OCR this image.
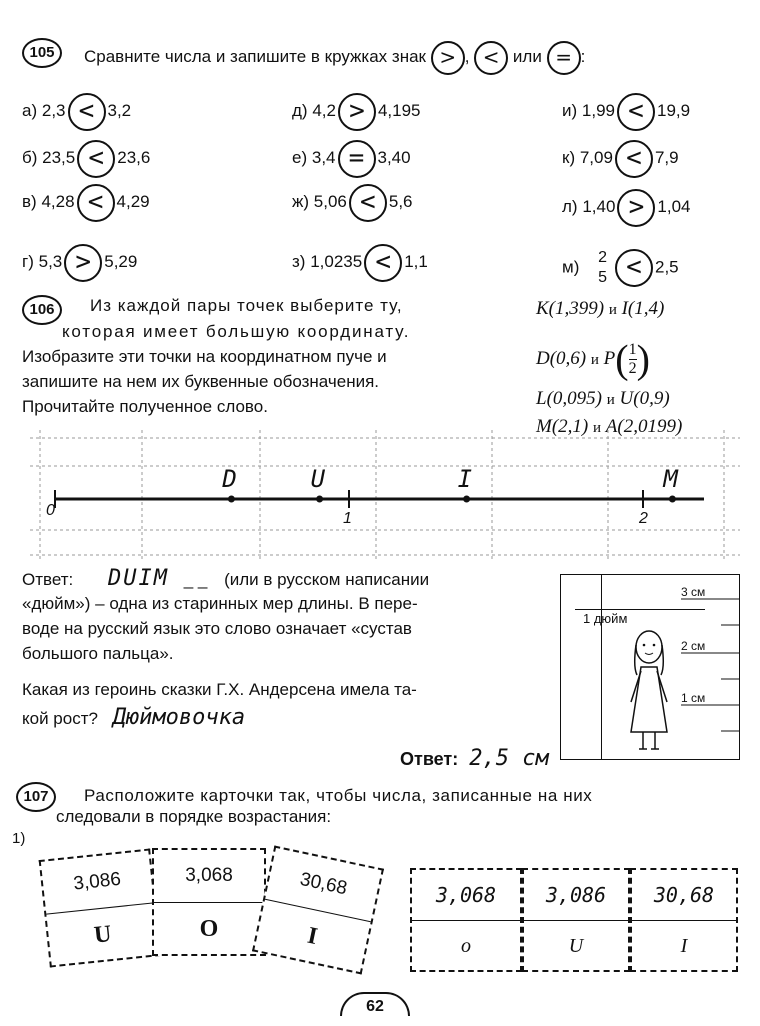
105	Сравните числа и запишите в кружках знак > , < или = :
а) 2,3 < 3,2
б) 23,5 < 23,6
в) 4,28 < 4,29
г) 5,3 > 5,29
д) 4,2 > 4,195
е) 3,4 = 3,40
ж) 5,06 < 5,6
з) 1,0235 < 1,1
и) 1,99 < 19,9
к) 7,09 < 7,9
л) 1,40 > 1,04
м) 2
5 < 2,5
106	Из каждой пары точек выберите ту,
которая имеет большую координату.
Изобразите эти точки на координатном пуче и
запишите на нем их буквенные обозначения.
Прочитайте полученное слово.
K(1,399) и I(1,4)
D(0,6) и $P( \frac{1}{2}$ )
L(0,095) и U(0,9)
M(2,1) и A(2,0199)
0	1	2
D	U	I	M
Ответ: DUIM _ _ (или в русском написании
«дюйм») – одна из старинных мер длины. В пере-
воде на русский язык это слово означает «сустав
большого пальца».
Какая из героинь сказки Г.Х. Андерсена имела та-
кой рост? Дюймовочка
1 дюйм
3 см
2 см
1 см
Ответ: 2,5 см
107	Расположите карточки так, чтобы числа, записанные на них
следовали в порядке возрастания:
1)
3,086
U
3,068
O
30,68
I
3,068
o
3,086
U
30,68
I
62
